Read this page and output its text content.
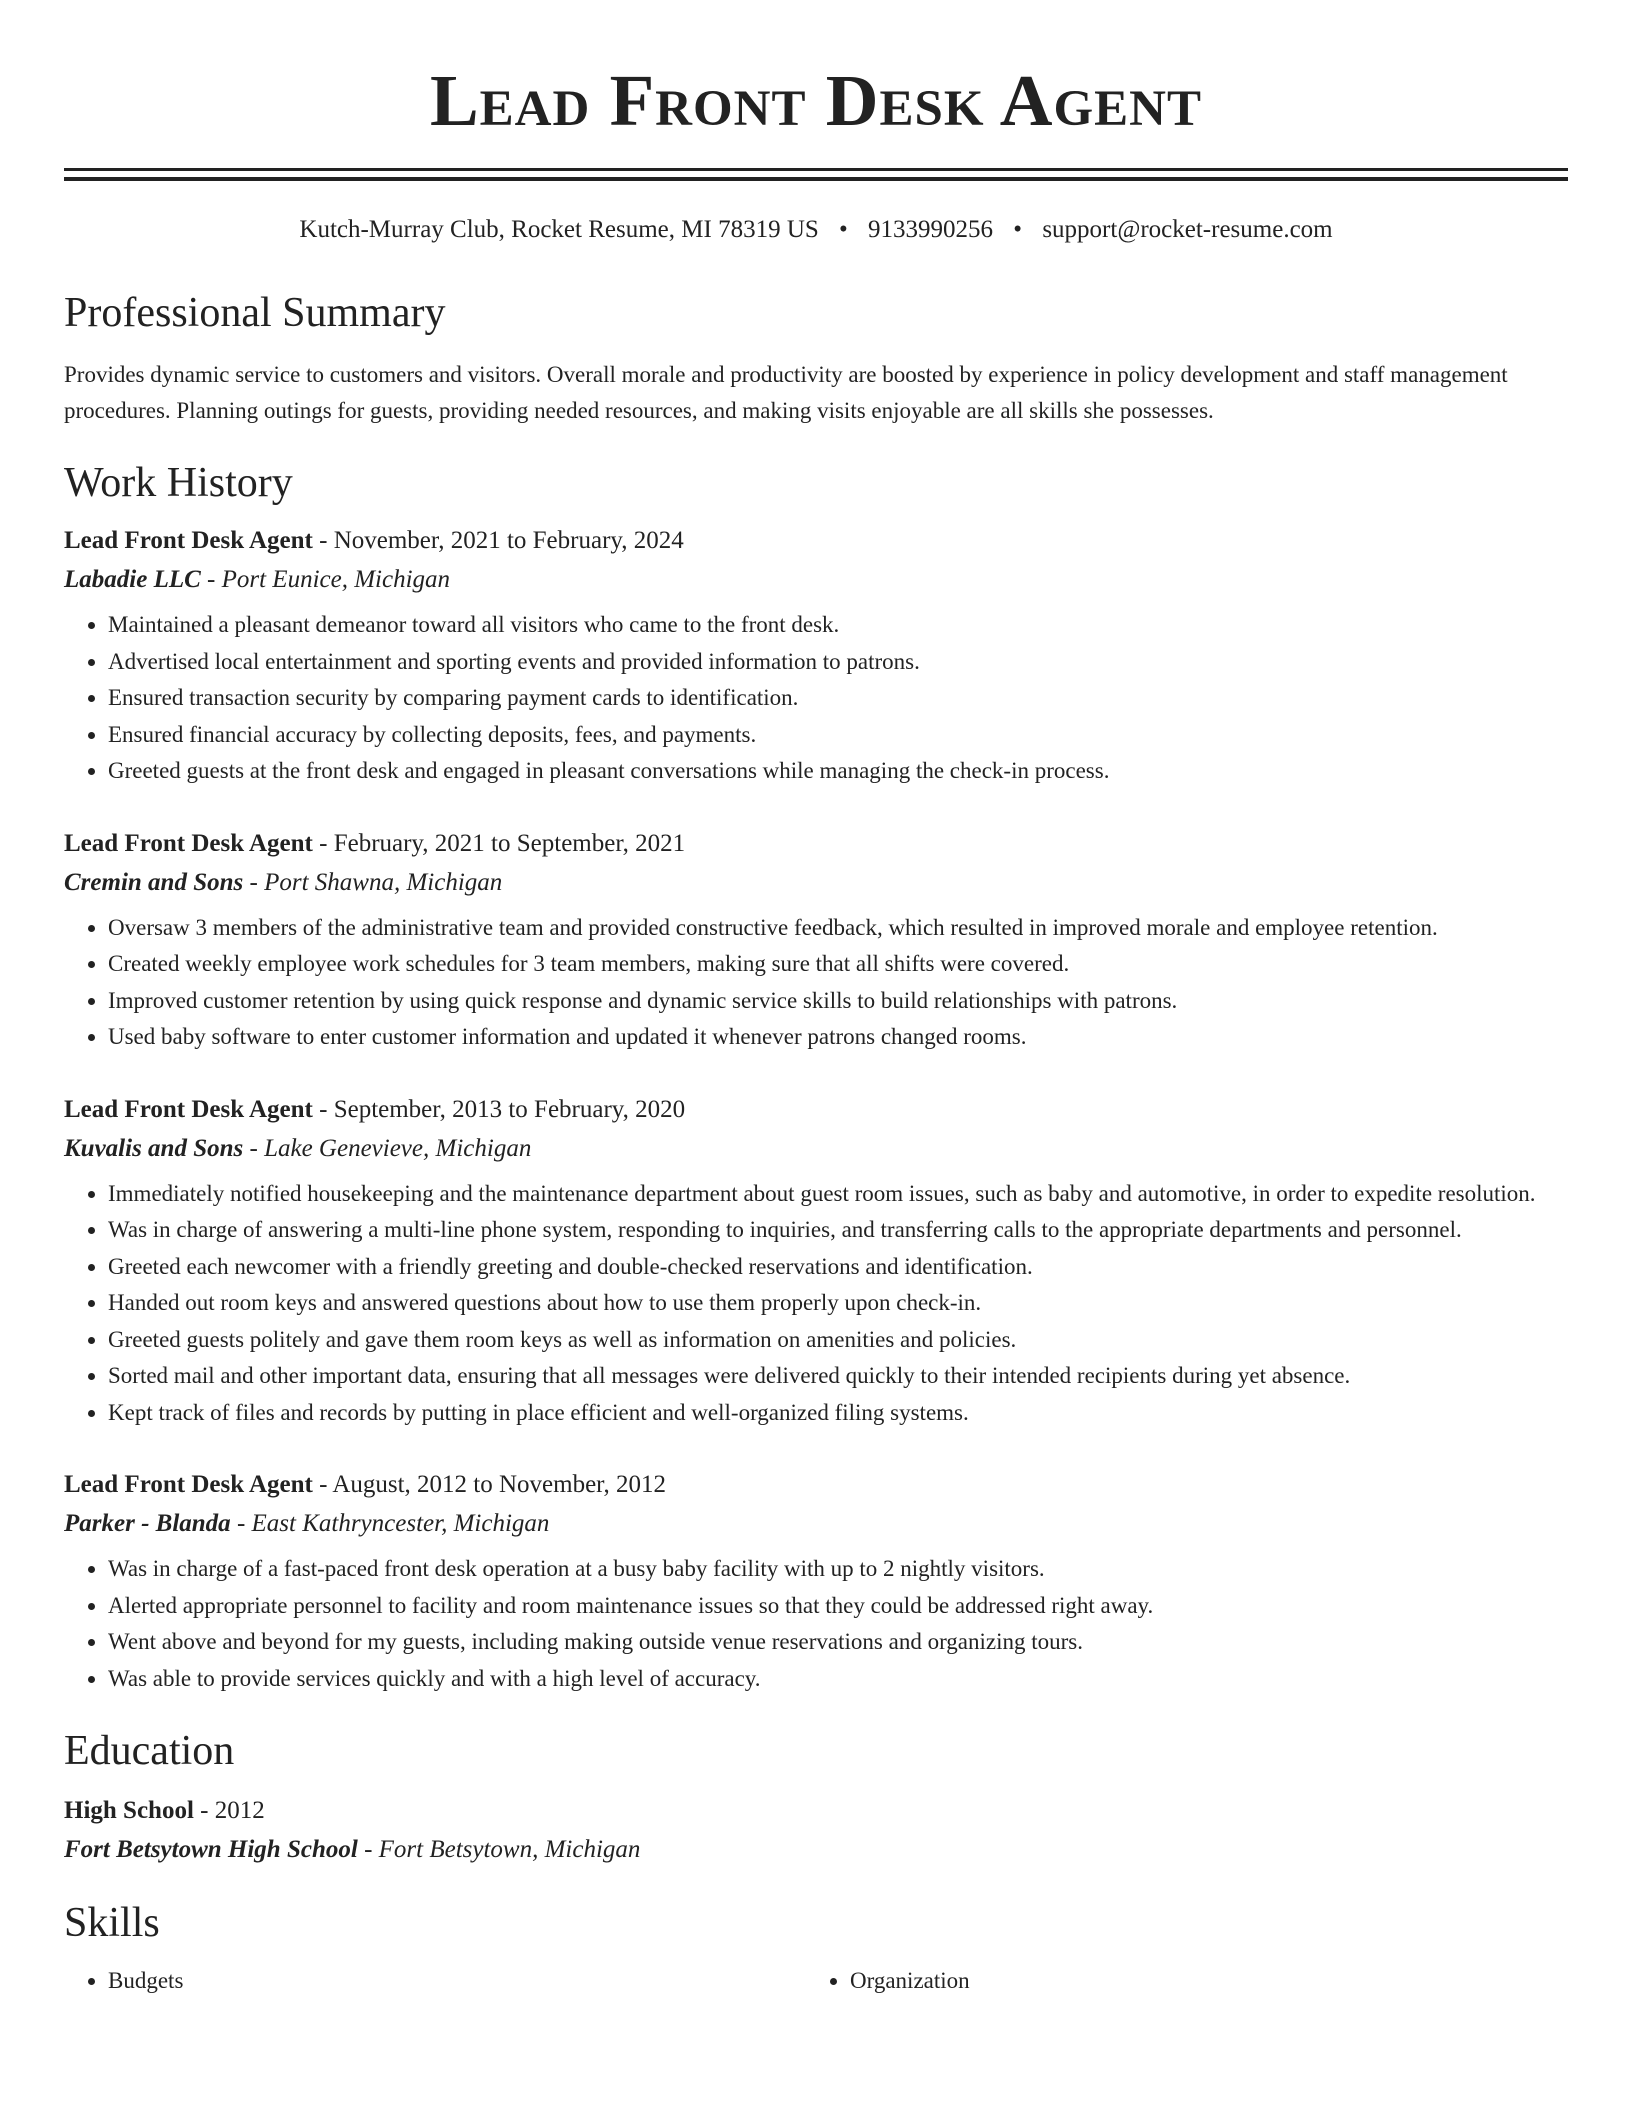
Lead Front Desk Agent
Kutch-Murray Club, Rocket Resume, MI 78319 US • 9133990256 • support@rocket-resume.com
Professional Summary

Provides dynamic service to customers and visitors. Overall morale and productivity are boosted by experience in policy development and staff management procedures. Planning outings for guests, providing needed resources, and making visits enjoyable are all skills she possesses.

Work History
Lead Front Desk Agent - November, 2021 to February, 2024
Labadie LLC - Port Eunice, Michigan
• Maintained a pleasant demeanor toward all visitors who came to the front desk.
• Advertised local entertainment and sporting events and provided information to patrons.
• Ensured transaction security by comparing payment cards to identification.
• Ensured financial accuracy by collecting deposits, fees, and payments.
• Greeted guests at the front desk and engaged in pleasant conversations while managing the check-in process.
Lead Front Desk Agent - February, 2021 to September, 2021
Cremin and Sons - Port Shawna, Michigan
• Oversaw 3 members of the administrative team and provided constructive feedback, which resulted in improved morale and employee retention.
• Created weekly employee work schedules for 3 team members, making sure that all shifts were covered.
• Improved customer retention by using quick response and dynamic service skills to build relationships with patrons.
• Used baby software to enter customer information and updated it whenever patrons changed rooms.
Lead Front Desk Agent - September, 2013 to February, 2020
Kuvalis and Sons - Lake Genevieve, Michigan
• Immediately notified housekeeping and the maintenance department about guest room issues, such as baby and automotive, in order to expedite resolution.
• Was in charge of answering a multi-line phone system, responding to inquiries, and transferring calls to the appropriate departments and personnel.
• Greeted each newcomer with a friendly greeting and double-checked reservations and identification.
• Handed out room keys and answered questions about how to use them properly upon check-in.
• Greeted guests politely and gave them room keys as well as information on amenities and policies.
• Sorted mail and other important data, ensuring that all messages were delivered quickly to their intended recipients during yet absence.
• Kept track of files and records by putting in place efficient and well-organized filing systems.
Lead Front Desk Agent - August, 2012 to November, 2012
Parker - Blanda - East Kathryncester, Michigan
• Was in charge of a fast-paced front desk operation at a busy baby facility with up to 2 nightly visitors.
• Alerted appropriate personnel to facility and room maintenance issues so that they could be addressed right away.
• Went above and beyond for my guests, including making outside venue reservations and organizing tours.
• Was able to provide services quickly and with a high level of accuracy.
Education
High School - 2012
Fort Betsytown High School - Fort Betsytown, Michigan
Skills
• Budgets
•	Organization
